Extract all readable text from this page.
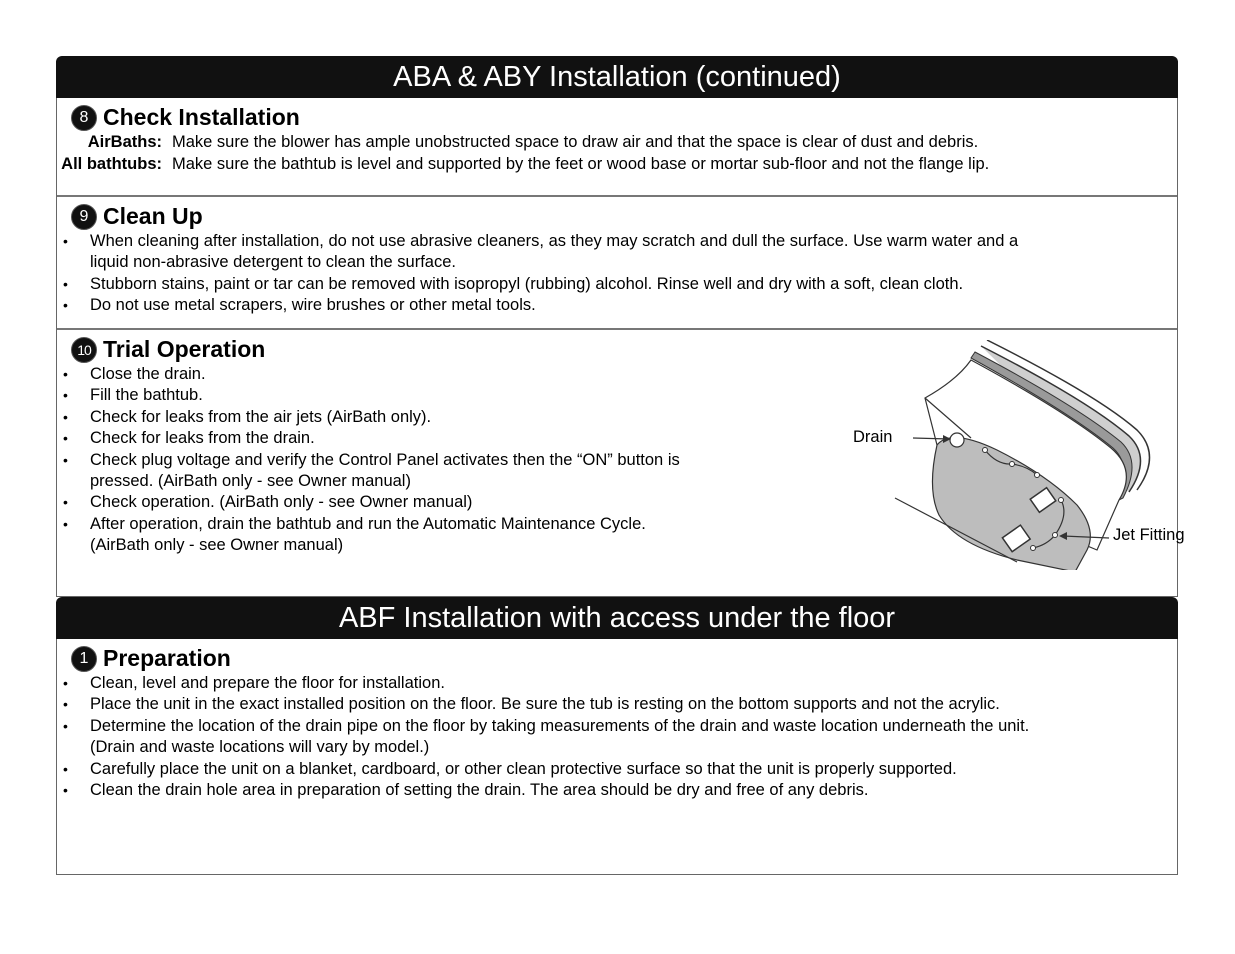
ABA & ABY Installation (continued)
8 Check Installation
AirBaths: Make sure the blower has ample unobstructed space to draw air and that the space is clear of dust and debris.
All bathtubs: Make sure the bathtub is level and supported by the feet or wood base or mortar sub-floor and not the flange lip.
9 Clean Up
• When cleaning after installation, do not use abrasive cleaners, as they may scratch and dull the surface. Use warm water and a
liquid non-abrasive detergent to clean the surface.
• Stubborn stains, paint or tar can be removed with isopropyl (rubbing) alcohol. Rinse well and dry with a soft, clean cloth.
• Do not use metal scrapers, wire brushes or other metal tools.
10 Trial Operation
• Close the drain.
• Fill the bathtub.
• Check for leaks from the air jets (AirBath only).
• Check for leaks from the drain.
• Check plug voltage and verify the Control Panel activates then the “ON” button is
pressed. (AirBath only - see Owner manual)
• Check operation. (AirBath only - see Owner manual)
• After operation, drain the bathtub and run the Automatic Maintenance Cycle.
(AirBath only - see Owner manual)
Drain
Jet Fitting
ABF Installation with access under the floor
1 Preparation
• Clean, level and prepare the floor for installation.
• Place the unit in the exact installed position on the floor. Be sure the tub is resting on the bottom supports and not the acrylic.
• Determine the location of the drain pipe on the floor by taking measurements of the drain and waste location underneath the unit.
(Drain and waste locations will vary by model.)
• Carefully place the unit on a blanket, cardboard, or other clean protective surface so that the unit is properly supported.
• Clean the drain hole area in preparation of setting the drain. The area should be dry and free of any debris.
